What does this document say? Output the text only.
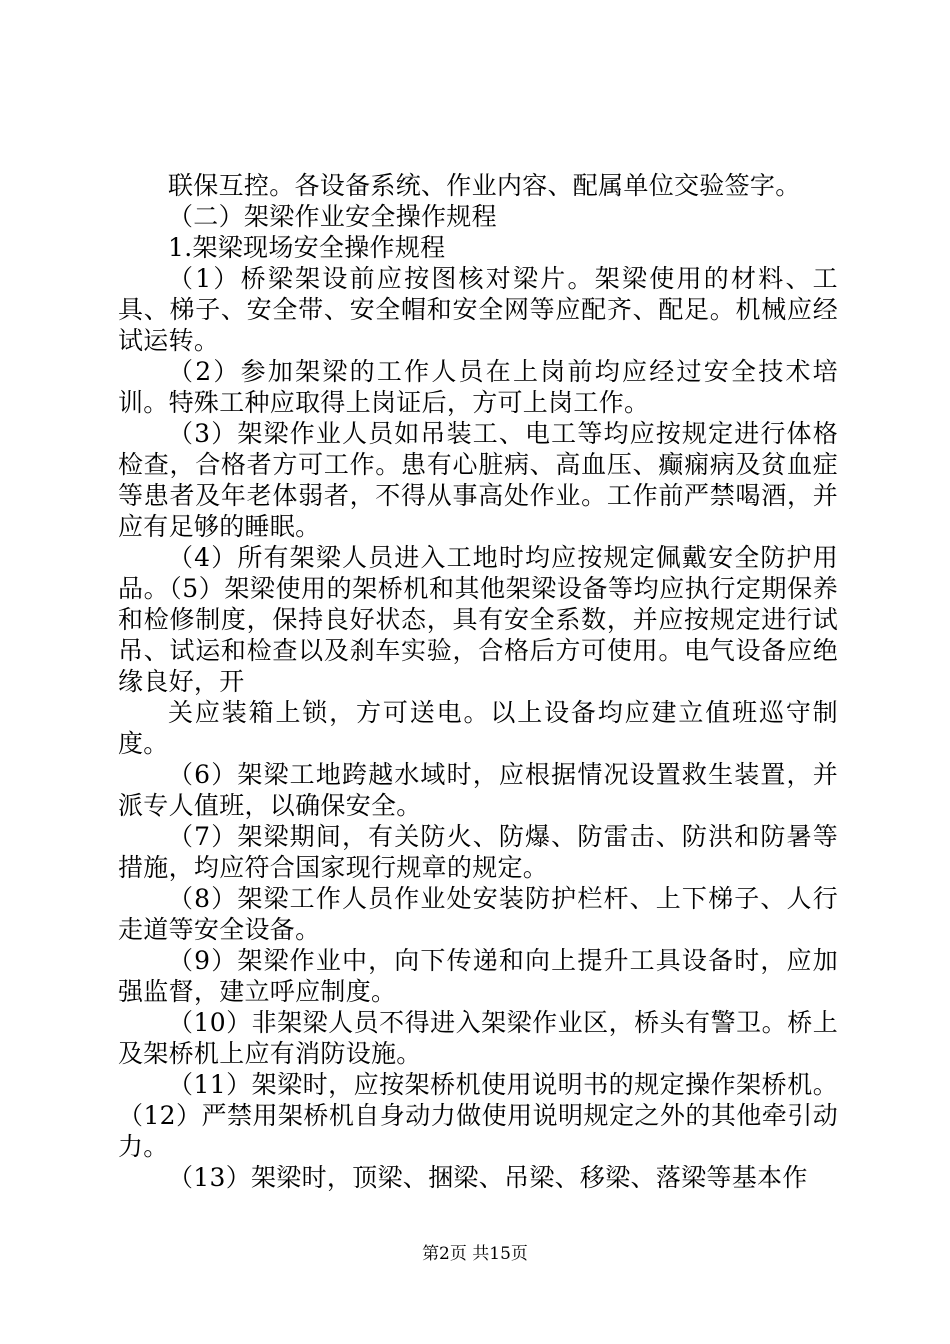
联保互控。各设备系统、作业内容、配属单位交验签字。

（二）架梁作业安全操作规程

1.架梁现场安全操作规程

（1）桥梁架设前应按图核对梁片。架梁使用的材料、工具、梯子、安全带、安全帽和安全网等应配齐、配足。机械应经试运转。

（2）参加架梁的工作人员在上岗前均应经过安全技术培训。特殊工种应取得上岗证后，方可上岗工作。

（3）架梁作业人员如吊装工、电工等均应按规定进行体格检查，合格者方可工作。患有心脏病、高血压、癫痫病及贫血症等患者及年老体弱者，不得从事高处作业。工作前严禁喝酒，并应有足够的睡眠。

（4）所有架梁人员进入工地时均应按规定佩戴安全防护用品。（5）架梁使用的架桥机和其他架梁设备等均应执行定期保养和检修制度，保持良好状态，具有安全系数，并应按规定进行试吊、试运和检查以及刹车实验，合格后方可使用。电气设备应绝缘良好，开

关应装箱上锁，方可送电。以上设备均应建立值班巡守制度。

（6）架梁工地跨越水域时，应根据情况设置救生装置，并派专人值班，以确保安全。

（7）架梁期间，有关防火、防爆、防雷击、防洪和防暑等措施，均应符合国家现行规章的规定。

（8）架梁工作人员作业处安装防护栏杆、上下梯子、人行走道等安全设备。

（9）架梁作业中，向下传递和向上提升工具设备时，应加强监督，建立呼应制度。

（10）非架梁人员不得进入架梁作业区，桥头有警卫。桥上及架桥机上应有消防设施。

（11）架梁时，应按架桥机使用说明书的规定操作架桥机。（12）严禁用架桥机自身动力做使用说明规定之外的其他牵引动力。

（13）架梁时，顶梁、捆梁、吊梁、移梁、落梁等基本作

第2页 共15页
